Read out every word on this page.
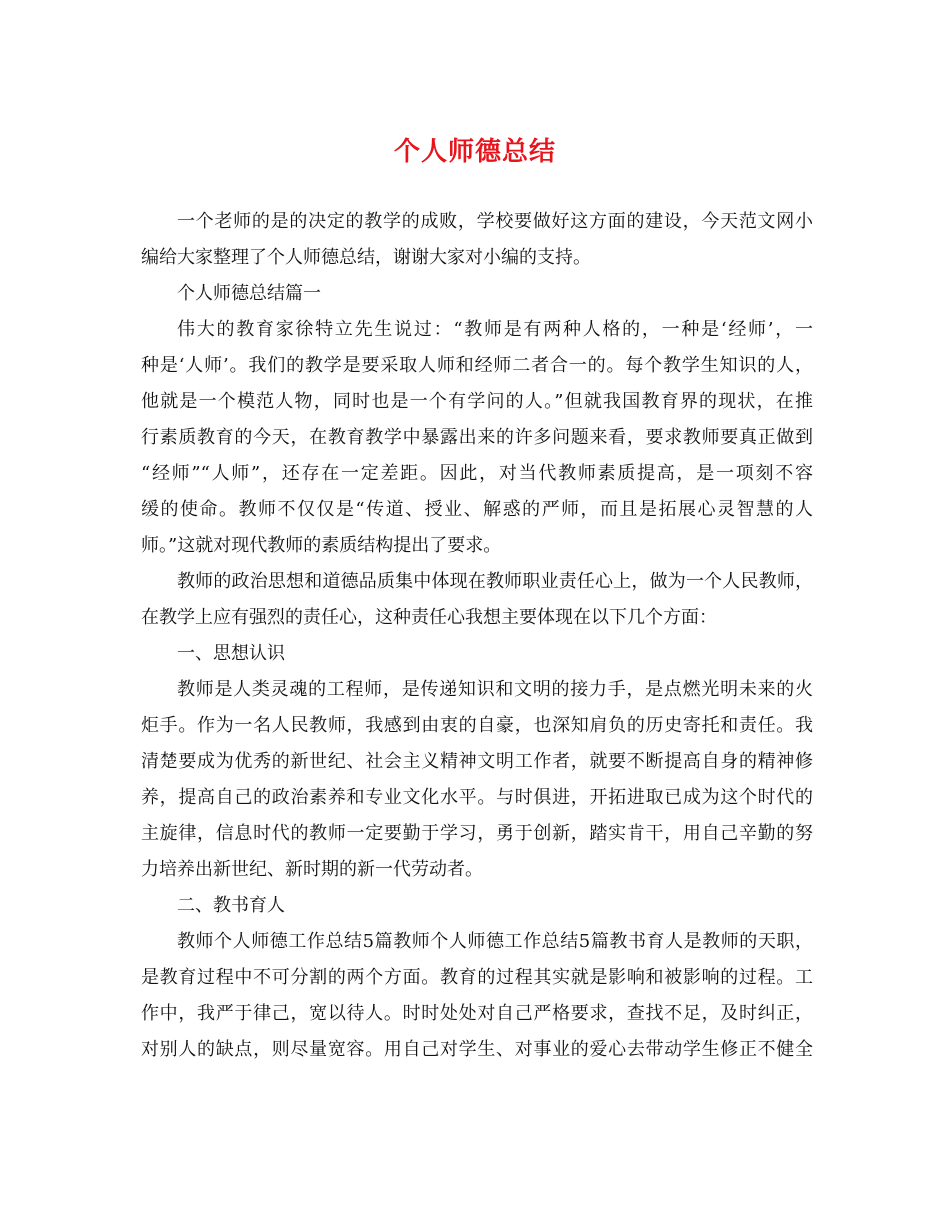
个人师德总结
一个老师的是的决定的教学的成败，学校要做好这方面的建设，今天范文网小
编给大家整理了个人师德总结，谢谢大家对小编的支持。
个人师德总结篇一
伟大的教育家徐特立先生说过：“教师是有两种人格的，一种是‘经师’，一
种是‘人师’。我们的教学是要采取人师和经师二者合一的。每个教学生知识的人，
他就是一个模范人物，同时也是一个有学问的人。”但就我国教育界的现状，在推
行素质教育的今天，在教育教学中暴露出来的许多问题来看，要求教师要真正做到
“经师”“人师”，还存在一定差距。因此，对当代教师素质提高，是一项刻不容
缓的使命。教师不仅仅是“传道、授业、解惑的严师，而且是拓展心灵智慧的人
师。”这就对现代教师的素质结构提出了要求。
教师的政治思想和道德品质集中体现在教师职业责任心上，做为一个人民教师，
在教学上应有强烈的责任心，这种责任心我想主要体现在以下几个方面：
一、思想认识
教师是人类灵魂的工程师，是传递知识和文明的接力手，是点燃光明未来的火
炬手。作为一名人民教师，我感到由衷的自豪，也深知肩负的历史寄托和责任。我
清楚要成为优秀的新世纪、社会主义精神文明工作者，就要不断提高自身的精神修
养，提高自己的政治素养和专业文化水平。与时俱进，开拓进取已成为这个时代的
主旋律，信息时代的教师一定要勤于学习，勇于创新，踏实肯干，用自己辛勤的努
力培养出新世纪、新时期的新一代劳动者。
二、教书育人
教师个人师德工作总结5篇教师个人师德工作总结5篇教书育人是教师的天职，
是教育过程中不可分割的两个方面。教育的过程其实就是影响和被影响的过程。工
作中，我严于律己，宽以待人。时时处处对自己严格要求，查找不足，及时纠正，
对别人的缺点，则尽量宽容。用自己对学生、对事业的爱心去带动学生修正不健全
